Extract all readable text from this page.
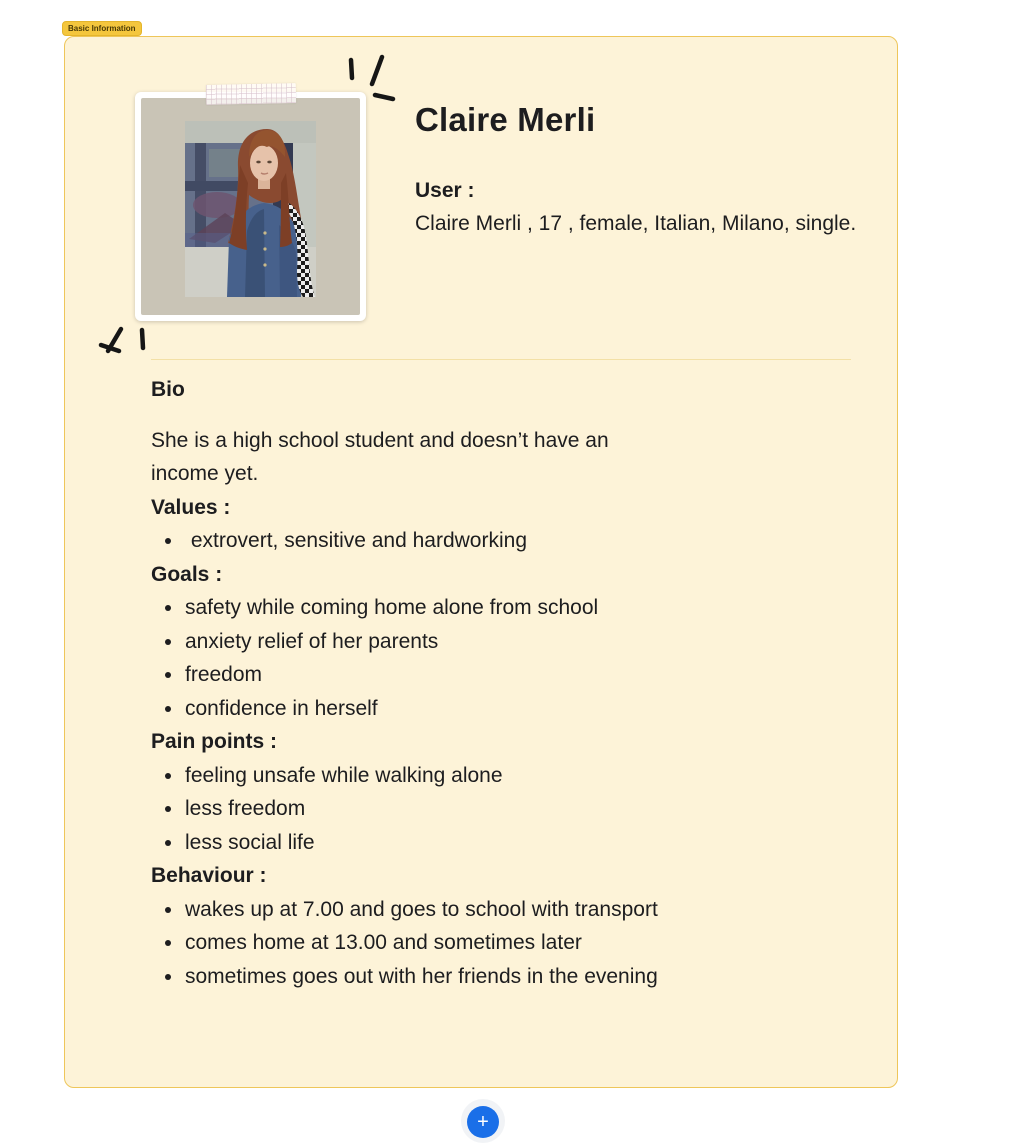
Basic Information
Claire Merli
User :
Claire Merli , 17 , female, Italian, Milano, single.
Bio

She is a high school student and doesn’t have an income yet.

Values :
•  extrovert, sensitive and hardworking
Goals :
• safety while coming home alone from school
• anxiety relief of her parents
• freedom
• confidence in herself
Pain points :
• feeling unsafe while walking alone
• less freedom
• less social life
Behaviour :
• wakes up at 7.00 and goes to school with transport
• comes home at 13.00 and sometimes later
• sometimes goes out with her friends in the evening
+
